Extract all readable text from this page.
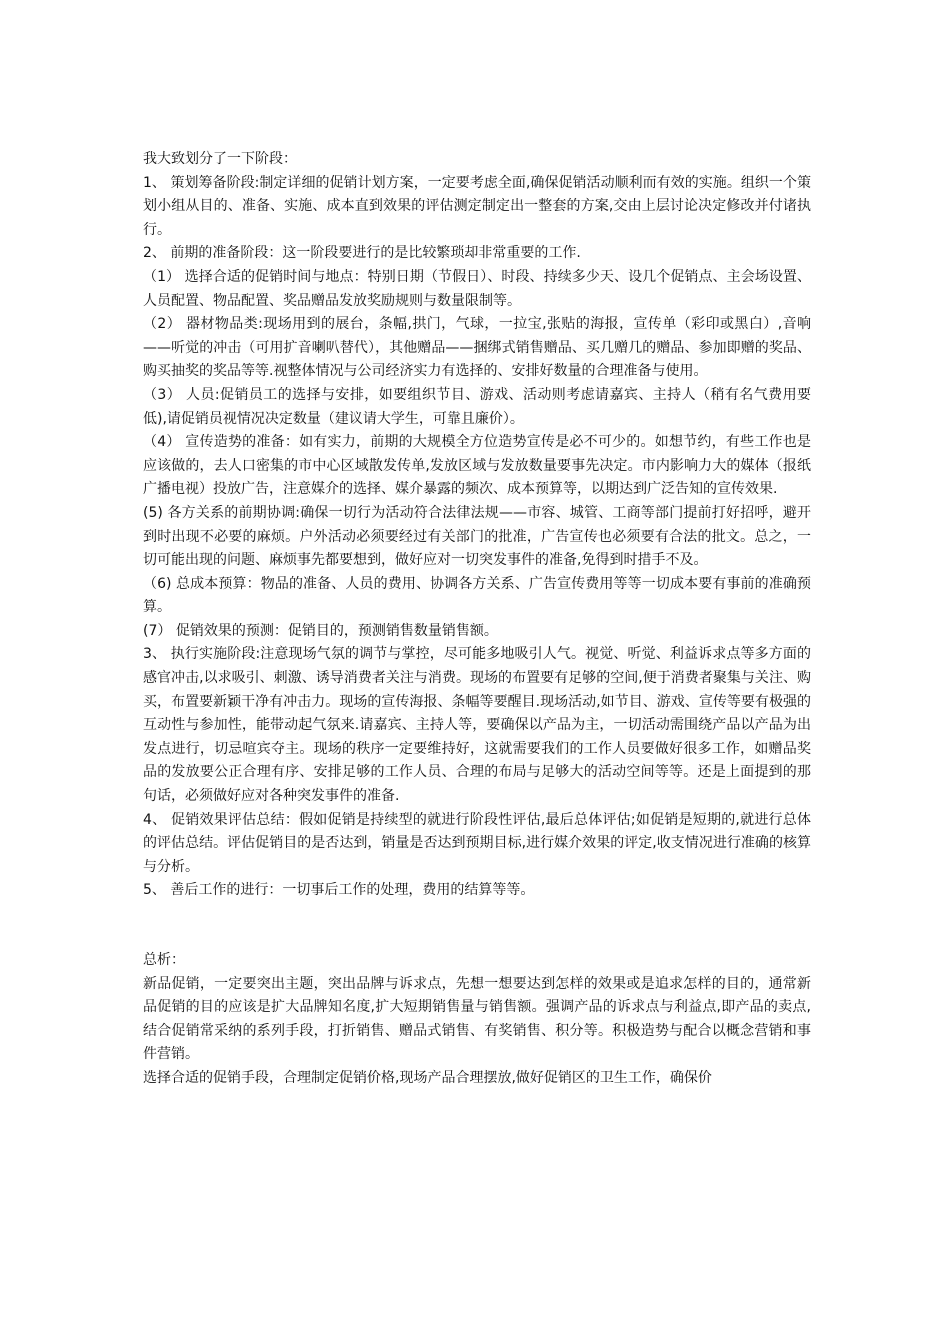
我大致划分了一下阶段：

1、 策划筹备阶段:制定详细的促销计划方案，一定要考虑全面,确保促销活动顺利而有效的实施。组织一个策划小组从目的、准备、实施、成本直到效果的评估测定制定出一整套的方案,交由上层讨论决定修改并付诸执行。

2、 前期的准备阶段：这一阶段要进行的是比较繁琐却非常重要的工作.

（1） 选择合适的促销时间与地点：特别日期（节假日）、时段、持续多少天、设几个促销点、主会场设置、人员配置、物品配置、奖品赠品发放奖励规则与数量限制等。

（2） 器材物品类:现场用到的展台，条幅,拱门，气球，一拉宝,张贴的海报，宣传单（彩印或黑白）,音响——听觉的冲击（可用扩音喇叭替代），其他赠品——捆绑式销售赠品、买几赠几的赠品、参加即赠的奖品、购买抽奖的奖品等等.视整体情况与公司经济实力有选择的、安排好数量的合理准备与使用。

（3） 人员:促销员工的选择与安排，如要组织节目、游戏、活动则考虑请嘉宾、主持人（稍有名气费用要低),请促销员视情况决定数量（建议请大学生，可靠且廉价）。

（4） 宣传造势的准备：如有实力，前期的大规模全方位造势宣传是必不可少的。如想节约，有些工作也是应该做的，去人口密集的市中心区域散发传单,发放区域与发放数量要事先决定。市内影响力大的媒体（报纸广播电视）投放广告，注意媒介的选择、媒介暴露的频次、成本预算等，以期达到广泛告知的宣传效果.

(5) 各方关系的前期协调:确保一切行为活动符合法律法规——市容、城管、工商等部门提前打好招呼，避开到时出现不必要的麻烦。户外活动必须要经过有关部门的批准，广告宣传也必须要有合法的批文。总之，一切可能出现的问题、麻烦事先都要想到，做好应对一切突发事件的准备,免得到时措手不及。

（6) 总成本预算：物品的准备、人员的费用、协调各方关系、广告宣传费用等等一切成本要有事前的准确预算。

(7） 促销效果的预测：促销目的，预测销售数量销售额。

3、 执行实施阶段:注意现场气氛的调节与掌控，尽可能多地吸引人气。视觉、听觉、利益诉求点等多方面的感官冲击,以求吸引、刺激、诱导消费者关注与消费。现场的布置要有足够的空间,便于消费者聚集与关注、购买，布置要新颖干净有冲击力。现场的宣传海报、条幅等要醒目.现场活动,如节目、游戏、宣传等要有极强的互动性与参加性，能带动起气氛来.请嘉宾、主持人等，要确保以产品为主，一切活动需围绕产品以产品为出发点进行，切忌喧宾夺主。现场的秩序一定要维持好，这就需要我们的工作人员要做好很多工作，如赠品奖品的发放要公正合理有序、安排足够的工作人员、合理的布局与足够大的活动空间等等。还是上面提到的那句话，必须做好应对各种突发事件的准备.

4、 促销效果评估总结：假如促销是持续型的就进行阶段性评估,最后总体评估;如促销是短期的,就进行总体的评估总结。评估促销目的是否达到，销量是否达到预期目标,进行媒介效果的评定,收支情况进行准确的核算与分析。

5、 善后工作的进行：一切事后工作的处理，费用的结算等等。

总析：

新品促销，一定要突出主题，突出品牌与诉求点，先想一想要达到怎样的效果或是追求怎样的目的，通常新品促销的目的应该是扩大品牌知名度,扩大短期销售量与销售额。强调产品的诉求点与利益点,即产品的卖点,结合促销常采纳的系列手段，打折销售、赠品式销售、有奖销售、积分等。积极造势与配合以概念营销和事件营销。

选择合适的促销手段，合理制定促销价格,现场产品合理摆放,做好促销区的卫生工作，确保价
